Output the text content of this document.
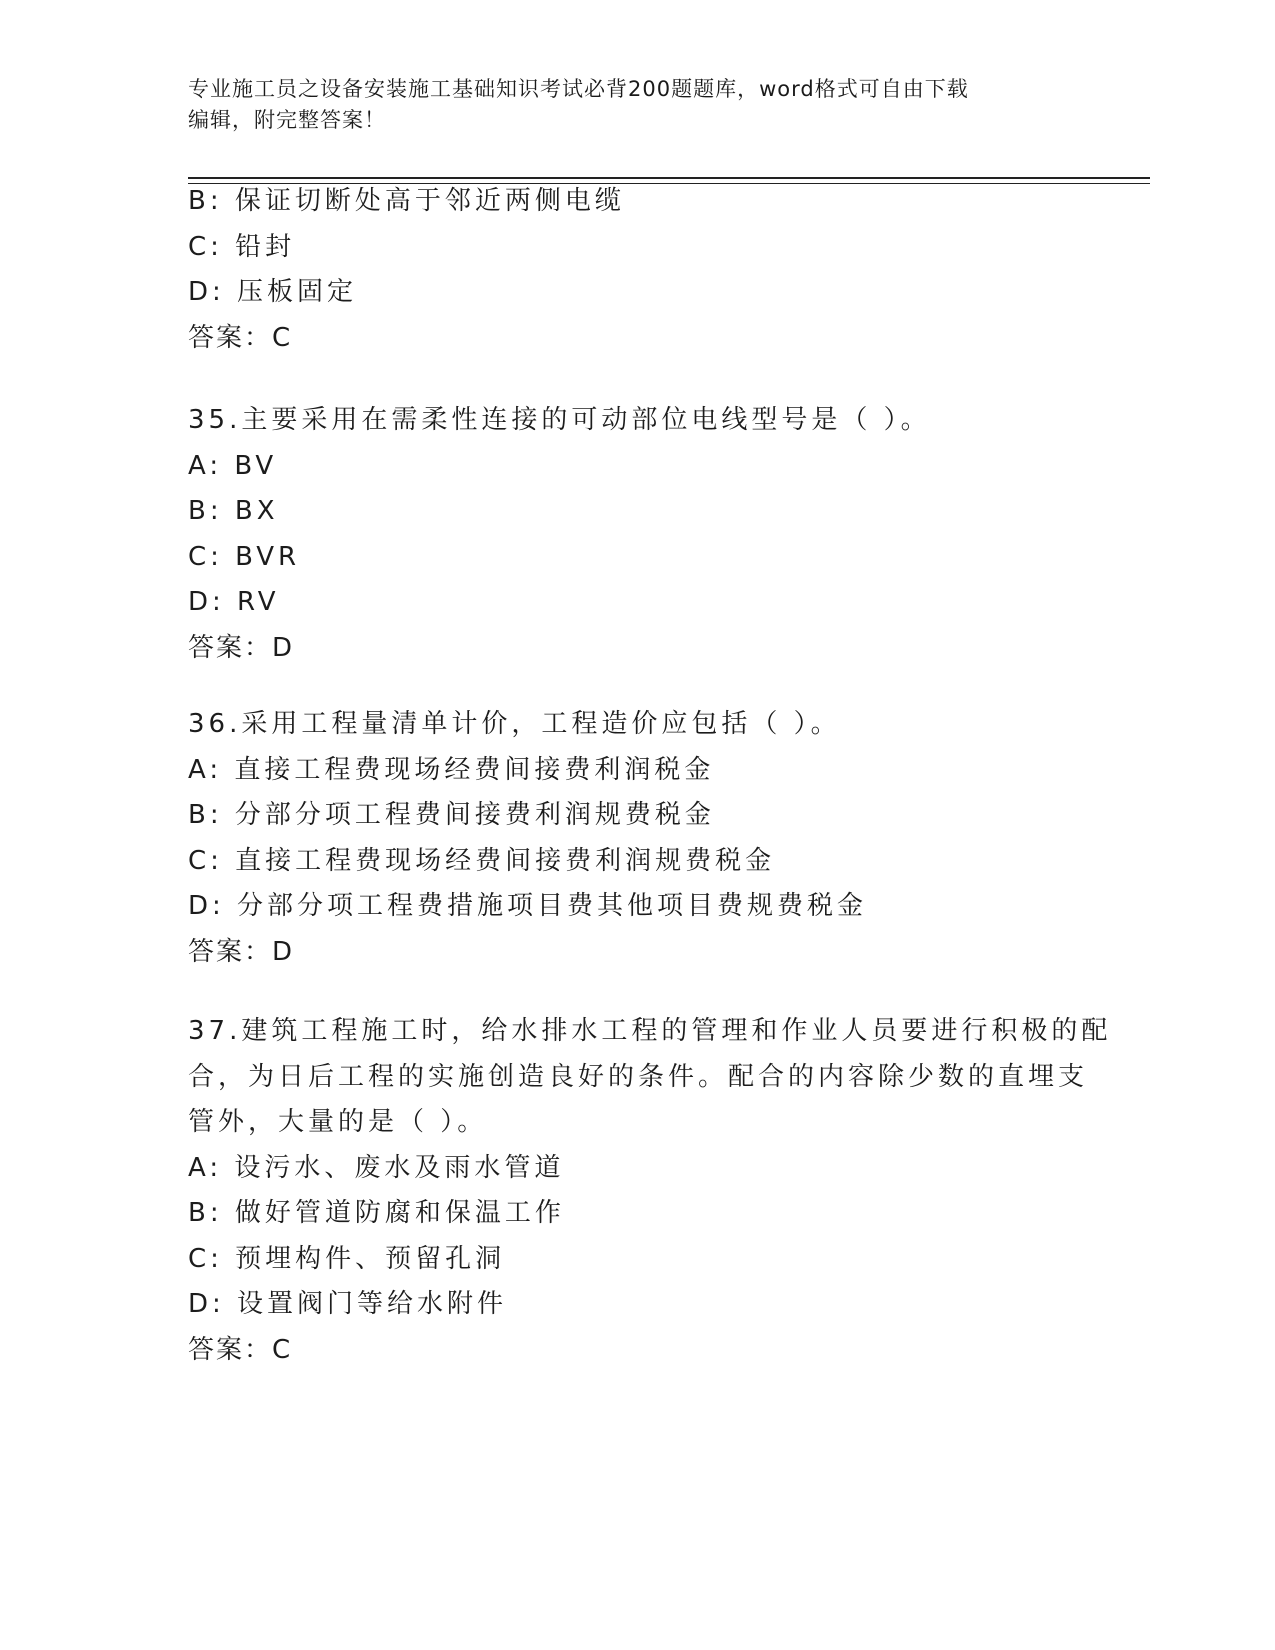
专业施工员之设备安装施工基础知识考试必背200题题库，word格式可自由下载
编辑，附完整答案！
B: 保证切断处高于邻近两侧电缆
C: 铅封
D: 压板固定
答案：C
35.主要采用在需柔性连接的可动部位电线型号是（ ）。
A: BV
B: BX
C: BVR
D: RV
答案：D
36.采用工程量清单计价，工程造价应包括（ ）。
A: 直接工程费现场经费间接费利润税金
B: 分部分项工程费间接费利润规费税金
C: 直接工程费现场经费间接费利润规费税金
D: 分部分项工程费措施项目费其他项目费规费税金
答案：D
37.建筑工程施工时，给水排水工程的管理和作业人员要进行积极的配
合，为日后工程的实施创造良好的条件。配合的内容除少数的直埋支
管外，大量的是（ ）。
A: 设污水、废水及雨水管道
B: 做好管道防腐和保温工作
C: 预埋构件、预留孔洞
D: 设置阀门等给水附件
答案：C
